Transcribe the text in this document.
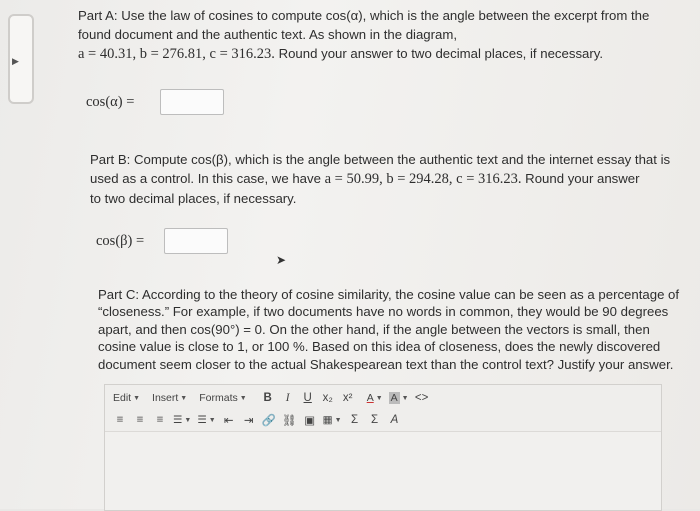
▶
Part A: Use the law of cosines to compute cos(α), which is the angle between the excerpt from the
found document and the authentic text. As shown in the diagram,
a = 40.31, b = 276.81, c = 316.23. Round your answer to two decimal places, if necessary.
cos(α) =
Part B: Compute cos(β), which is the angle between the authentic text and the internet essay that is
used as a control. In this case, we have a = 50.99, b = 294.28, c = 316.23. Round your answer
to two decimal places, if necessary.
cos(β) =
➤
Part C: According to the theory of cosine similarity, the cosine value can be seen as a percentage of
“closeness.” For example, if two documents have no words in common, they would be 90 degrees
apart, and then cos(90°) = 0. On the other hand, if the angle between the vectors is small, then
cosine value is close to 1, or 100 %. Based on this idea of closeness, does the newly discovered
document seem closer to the actual Shakespearean text than the control text? Justify your answer.
Edit ▼ Insert ▼ Formats ▼ B	I	U x₂ x² A ▼ A ▼ <>
≡	≡	≡ ☰ ▼ ☰ ▼ ⇤ ⇥ 🔗 ⛓ ▣ ▦ ▼ Σ	Σ	A
